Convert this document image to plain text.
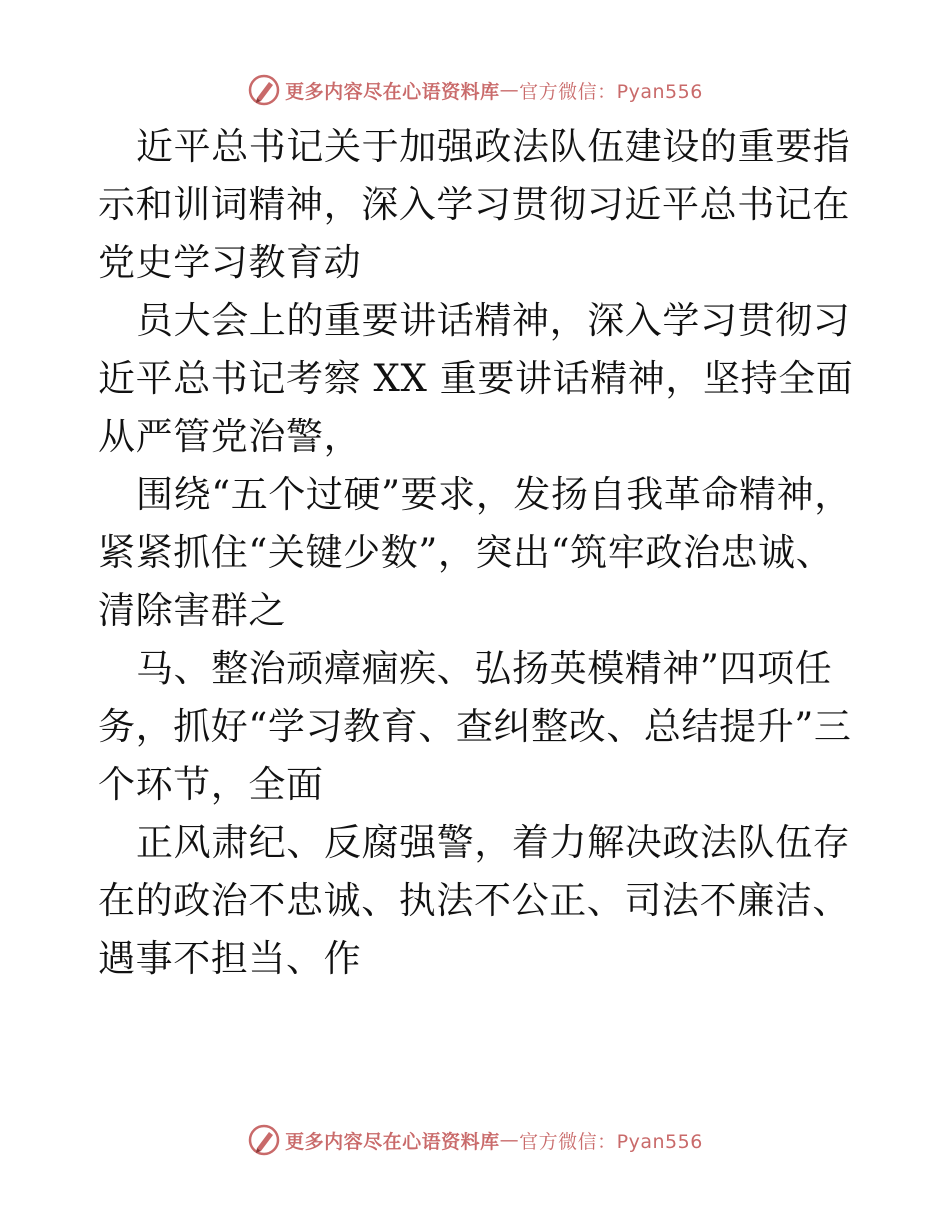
更多内容尽在心语资料库 — 官方微信：Pyan556

近平总书记关于加强政法队伍建设的重要指示和训词精神，深入学习贯彻习近平总书记在党史学习教育动

员大会上的重要讲话精神，深入学习贯彻习近平总书记考察 XX 重要讲话精神，坚持全面从严管党治警，

围绕“五个过硬”要求，发扬自我革命精神，紧紧抓住“关键少数”，突出“筑牢政治忠诚、清除害群之

马、整治顽瘴痼疾、弘扬英模精神”四项任务，抓好“学习教育、查纠整改、总结提升”三个环节，全面

正风肃纪、反腐强警，着力解决政法队伍存在的政治不忠诚、执法不公正、司法不廉洁、遇事不担当、作

更多内容尽在心语资料库 — 官方微信：Pyan556
